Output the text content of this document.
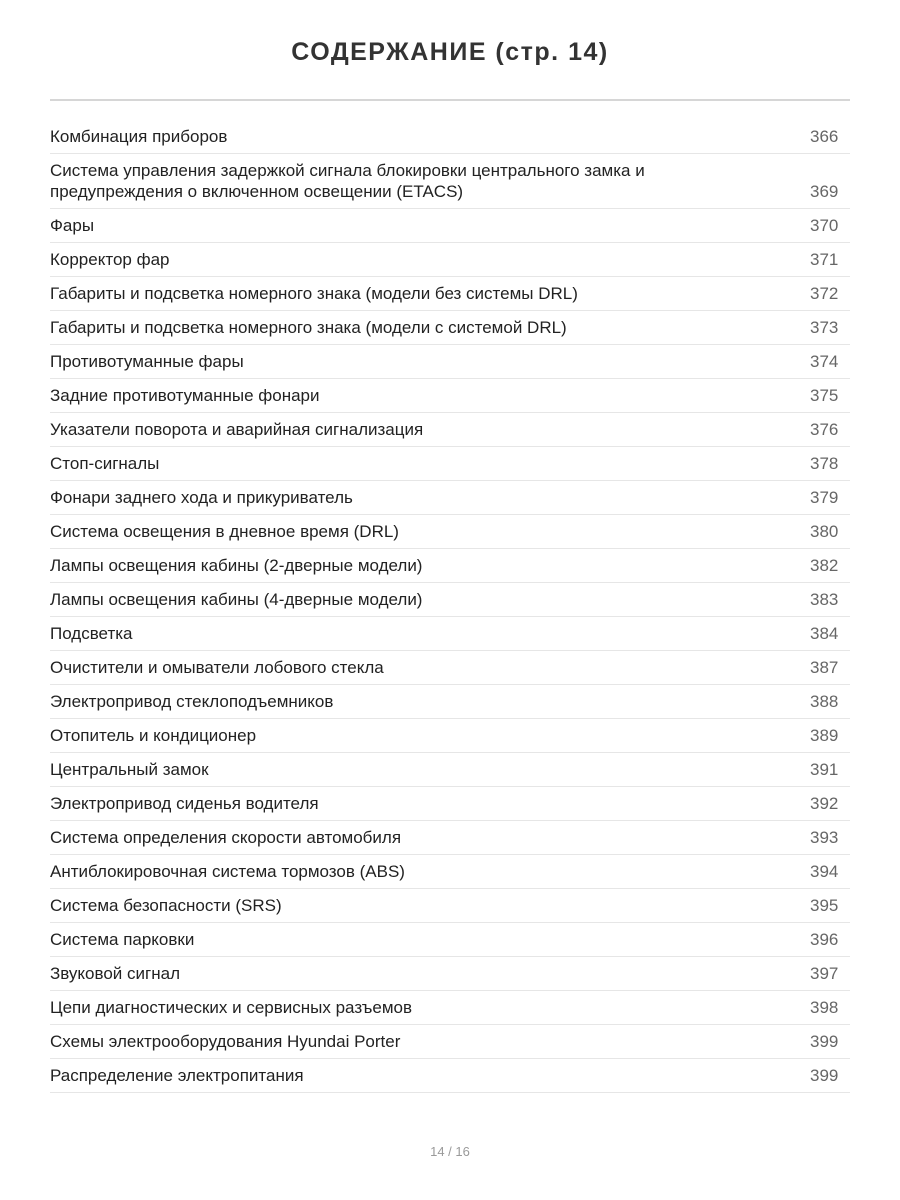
СОДЕРЖАНИЕ (стр. 14)
Комбинация приборов	366
Система управления задержкой сигнала блокировки центрального замка и предупреждения о включенном освещении (ETACS)	369
Фары	370
Корректор фар	371
Габариты и подсветка номерного знака (модели без системы DRL)	372
Габариты и подсветка номерного знака (модели с системой DRL)	373
Противотуманные фары	374
Задние противотуманные фонари	375
Указатели поворота и аварийная сигнализация	376
Стоп-сигналы	378
Фонари заднего хода и прикуриватель	379
Система освещения в дневное время (DRL)	380
Лампы освещения кабины (2-дверные модели)	382
Лампы освещения кабины (4-дверные модели)	383
Подсветка	384
Очистители и омыватели лобового стекла	387
Электропривод стеклоподъемников	388
Отопитель и кондиционер	389
Центральный замок	391
Электропривод сиденья водителя	392
Система определения скорости автомобиля	393
Антиблокировочная система тормозов (ABS)	394
Система безопасности (SRS)	395
Система парковки	396
Звуковой сигнал	397
Цепи диагностических и сервисных разъемов	398
Схемы электрооборудования Hyundai Porter	399
Распределение электропитания	399
14 / 16
